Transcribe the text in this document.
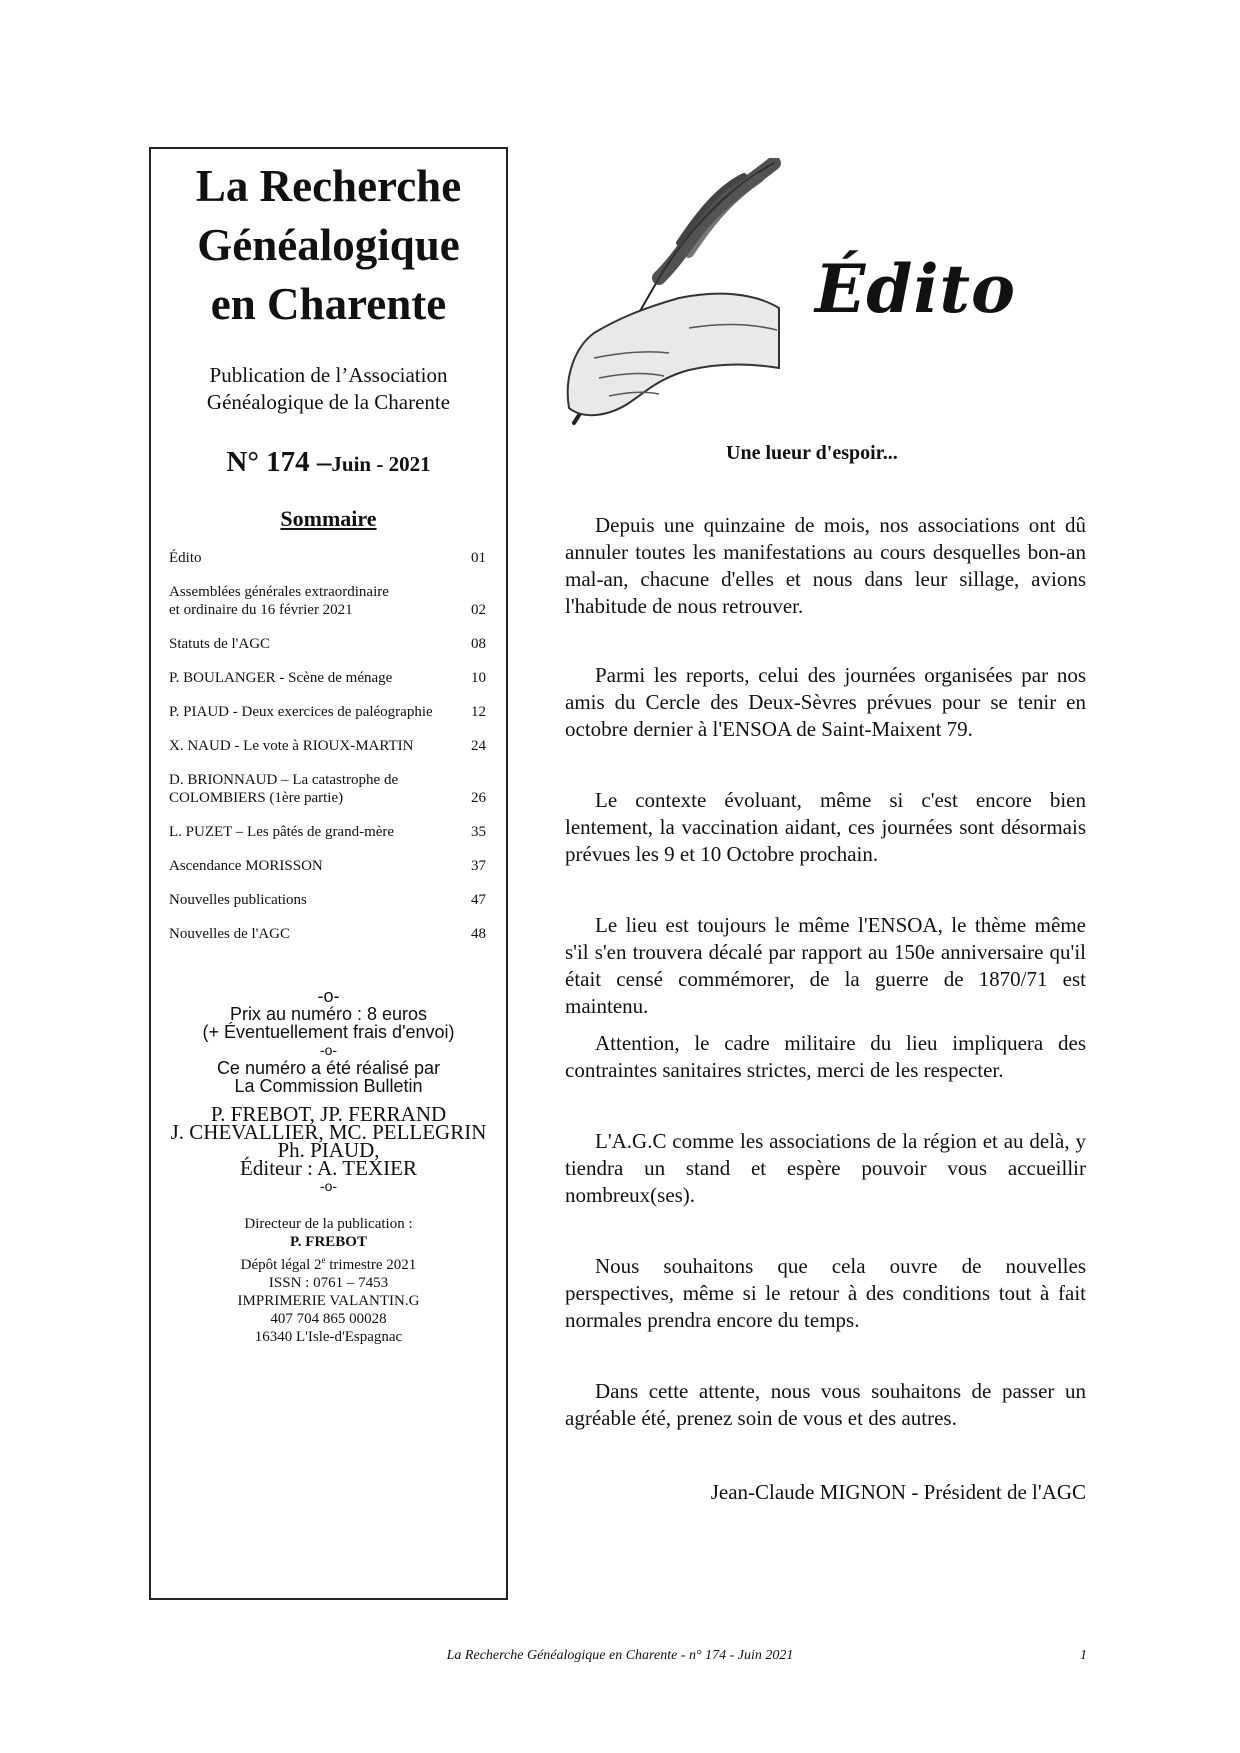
La Recherche
Généalogique
en Charente
Publication de l’Association
Généalogique de la Charente
N° 174 –Juin - 2021
Sommaire
Édito	01
Assemblées générales extraordinaire
et ordinaire du 16 février 2021	02
Statuts de l'AGC	08
P. BOULANGER - Scène de ménage	10
P. PIAUD - Deux exercices de paléographie	12
X. NAUD - Le vote à RIOUX-MARTIN	24
D. BRIONNAUD – La catastrophe de
COLOMBIERS (1ère partie)	26
L. PUZET – Les pâtés de grand-mère	35
Ascendance MORISSON	37
Nouvelles publications	47
Nouvelles de l'AGC	48
-o-
Prix au numéro : 8 euros
(+ Éventuellement frais d'envoi)
-o-
Ce numéro a été réalisé par
La Commission Bulletin
P. FREBOT, JP. FERRAND
J. CHEVALLIER, MC. PELLEGRIN
Ph. PIAUD,
Éditeur : A. TEXIER
-o-
Directeur de la publication :
P. FREBOT
Dépôt légal 2e trimestre 2021
ISSN : 0761 – 7453
IMPRIMERIE VALANTIN.G
407 704 865 00028
16340 L'Isle-d'Espagnac
Édito
Une lueur d'espoir...

Depuis une quinzaine de mois, nos associations ont dû annuler toutes les manifestations au cours desquelles bon-an mal-an, chacune d'elles et nous dans leur sillage, avions l'habitude de nous retrouver.

Parmi les reports, celui des journées organisées par nos amis du Cercle des Deux-Sèvres prévues pour se tenir en octobre dernier à l'ENSOA de Saint-Maixent 79.

Le contexte évoluant, même si c'est encore bien lentement, la vaccination aidant, ces journées sont désormais prévues les 9 et 10 Octobre prochain.

Le lieu est toujours le même l'ENSOA, le thème même s'il s'en trouvera décalé par rapport au 150e anniversaire qu'il était censé commémorer, de la guerre de 1870/71 est maintenu.

Attention, le cadre militaire du lieu impliquera des contraintes sanitaires strictes, merci de les respecter.

L'A.G.C comme les associations de la région et au delà, y tiendra un stand et espère pouvoir vous accueillir nombreux(ses).

Nous souhaitons que cela ouvre de nouvelles perspectives, même si le retour à des conditions tout à fait normales prendra encore du temps.

Dans cette attente, nous vous souhaitons de passer un agréable été, prenez soin de vous et des autres.

Jean-Claude MIGNON - Président de l'AGC
La Recherche Généalogique en Charente - n° 174 - Juin 2021	1
